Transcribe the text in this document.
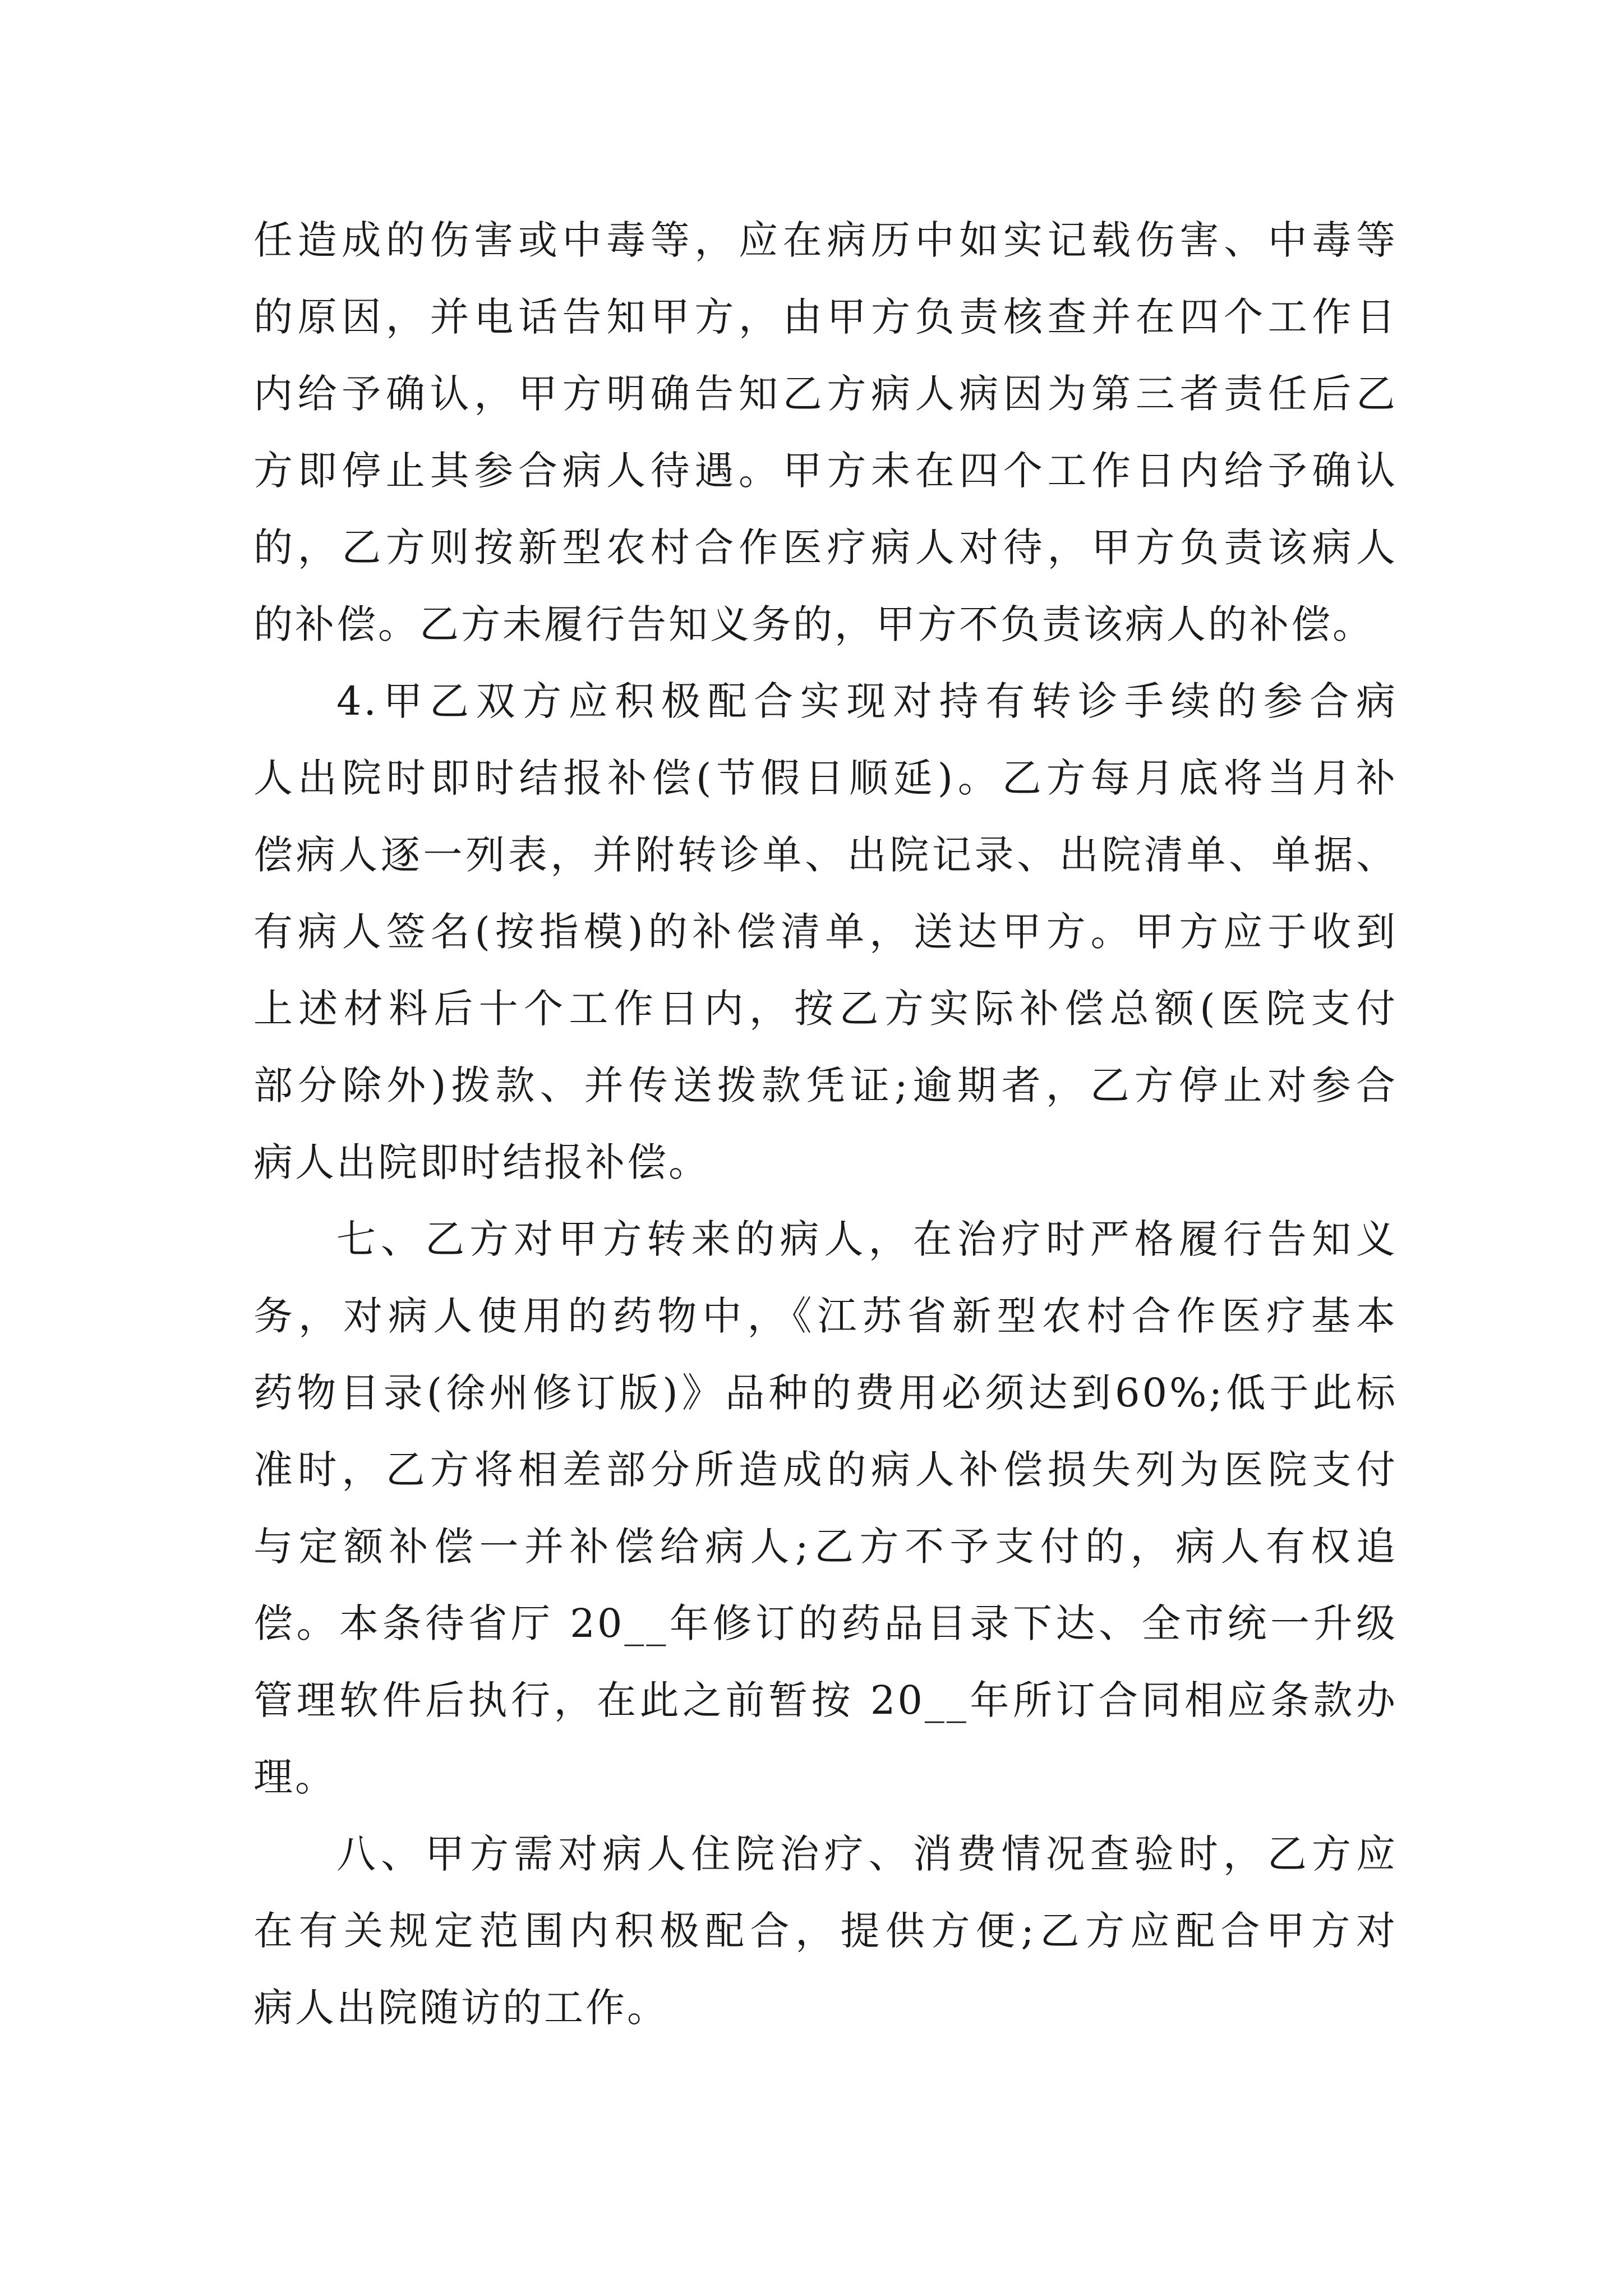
任造成的伤害或中毒等，应在病历中如实记载伤害、中毒等
的原因，并电话告知甲方，由甲方负责核查并在四个工作日
内给予确认，甲方明确告知乙方病人病因为第三者责任后乙
方即停止其参合病人待遇。甲方未在四个工作日内给予确认
的，乙方则按新型农村合作医疗病人对待，甲方负责该病人
的补偿。乙方未履行告知义务的，甲方不负责该病人的补偿。
4.甲乙双方应积极配合实现对持有转诊手续的参合病
人出院时即时结报补偿(节假日顺延)。乙方每月底将当月补
偿病人逐一列表，并附转诊单、出院记录、出院清单、单据、
有病人签名(按指模)的补偿清单，送达甲方。甲方应于收到
上述材料后十个工作日内，按乙方实际补偿总额(医院支付
部分除外)拨款、并传送拨款凭证;逾期者，乙方停止对参合
病人出院即时结报补偿。
七、乙方对甲方转来的病人，在治疗时严格履行告知义
务，对病人使用的药物中，《江苏省新型农村合作医疗基本
药物目录(徐州修订版)》品种的费用必须达到60%;低于此标
准时，乙方将相差部分所造成的病人补偿损失列为医院支付
与定额补偿一并补偿给病人;乙方不予支付的，病人有权追
偿。本条待省厅 20__年修订的药品目录下达、全市统一升级
管理软件后执行，在此之前暂按 20__年所订合同相应条款办
理。
八、甲方需对病人住院治疗、消费情况查验时，乙方应
在有关规定范围内积极配合，提供方便;乙方应配合甲方对
病人出院随访的工作。
